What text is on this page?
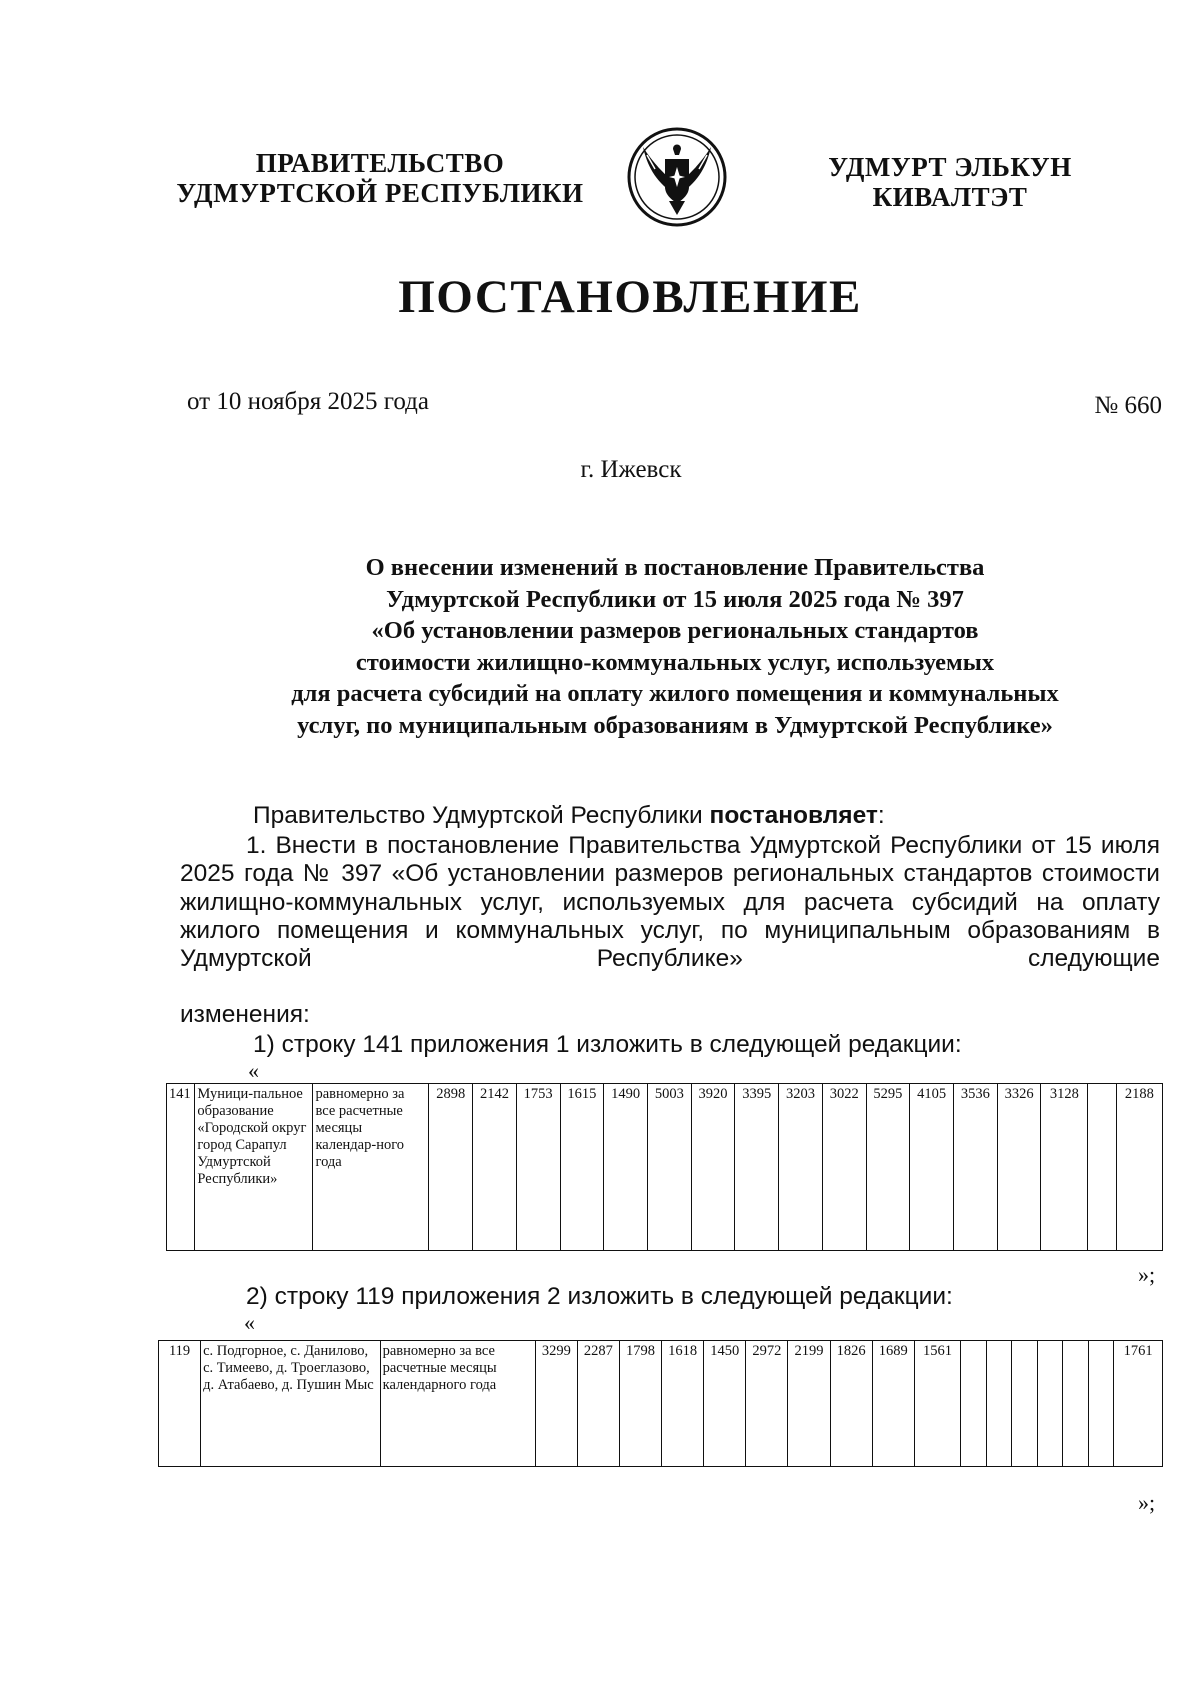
ПРАВИТЕЛЬСТВО
УДМУРТСКОЙ РЕСПУБЛИКИ
УДМУРТ ЭЛЬКУН
КИВАЛТЭТ
ПОСТАНОВЛЕНИЕ
от 10 ноября 2025 года	№ 660
г. Ижевск
О внесении изменений в постановление Правительства
Удмуртской Республики от 15 июля 2025 года № 397
«Об установлении размеров региональных стандартов
стоимости жилищно-коммунальных услуг, используемых
для расчета субсидий на оплату жилого помещения и коммунальных
услуг, по муниципальным образованиям в Удмуртской Республике»
Правительство Удмуртской Республики постановляет:
1. Внести в постановление Правительства Удмуртской Республики от 15 июля 2025 года № 397 «Об установлении размеров региональных стандартов стоимости жилищно-коммунальных услуг, используемых для расчета субсидий на оплату жилого помещения и коммунальных услуг, по муниципальным образованиям в Удмуртской Республике» следующие
изменения:
1) строку 141 приложения 1 изложить в следующей редакции:
«
141	Муници-пальное образование «Городской округ город Сарапул Удмуртской Республики»	равномерно за все расчетные месяцы календар-ного года	2898	2142	1753	1615	1490	5003	3920	3395	3203	3022	5295	4105	3536	3326	3128		2188
»;
2) строку 119 приложения 2 изложить в следующей редакции:
«
119	с. Подгорное, с. Данилово, с. Тимеево, д. Троеглазово, д. Атабаево, д. Пушин Мыс	равномерно за все расчетные месяцы календарного года	3299	2287	1798	1618	1450	2972	2199	1826	1689	1561							1761
»;
